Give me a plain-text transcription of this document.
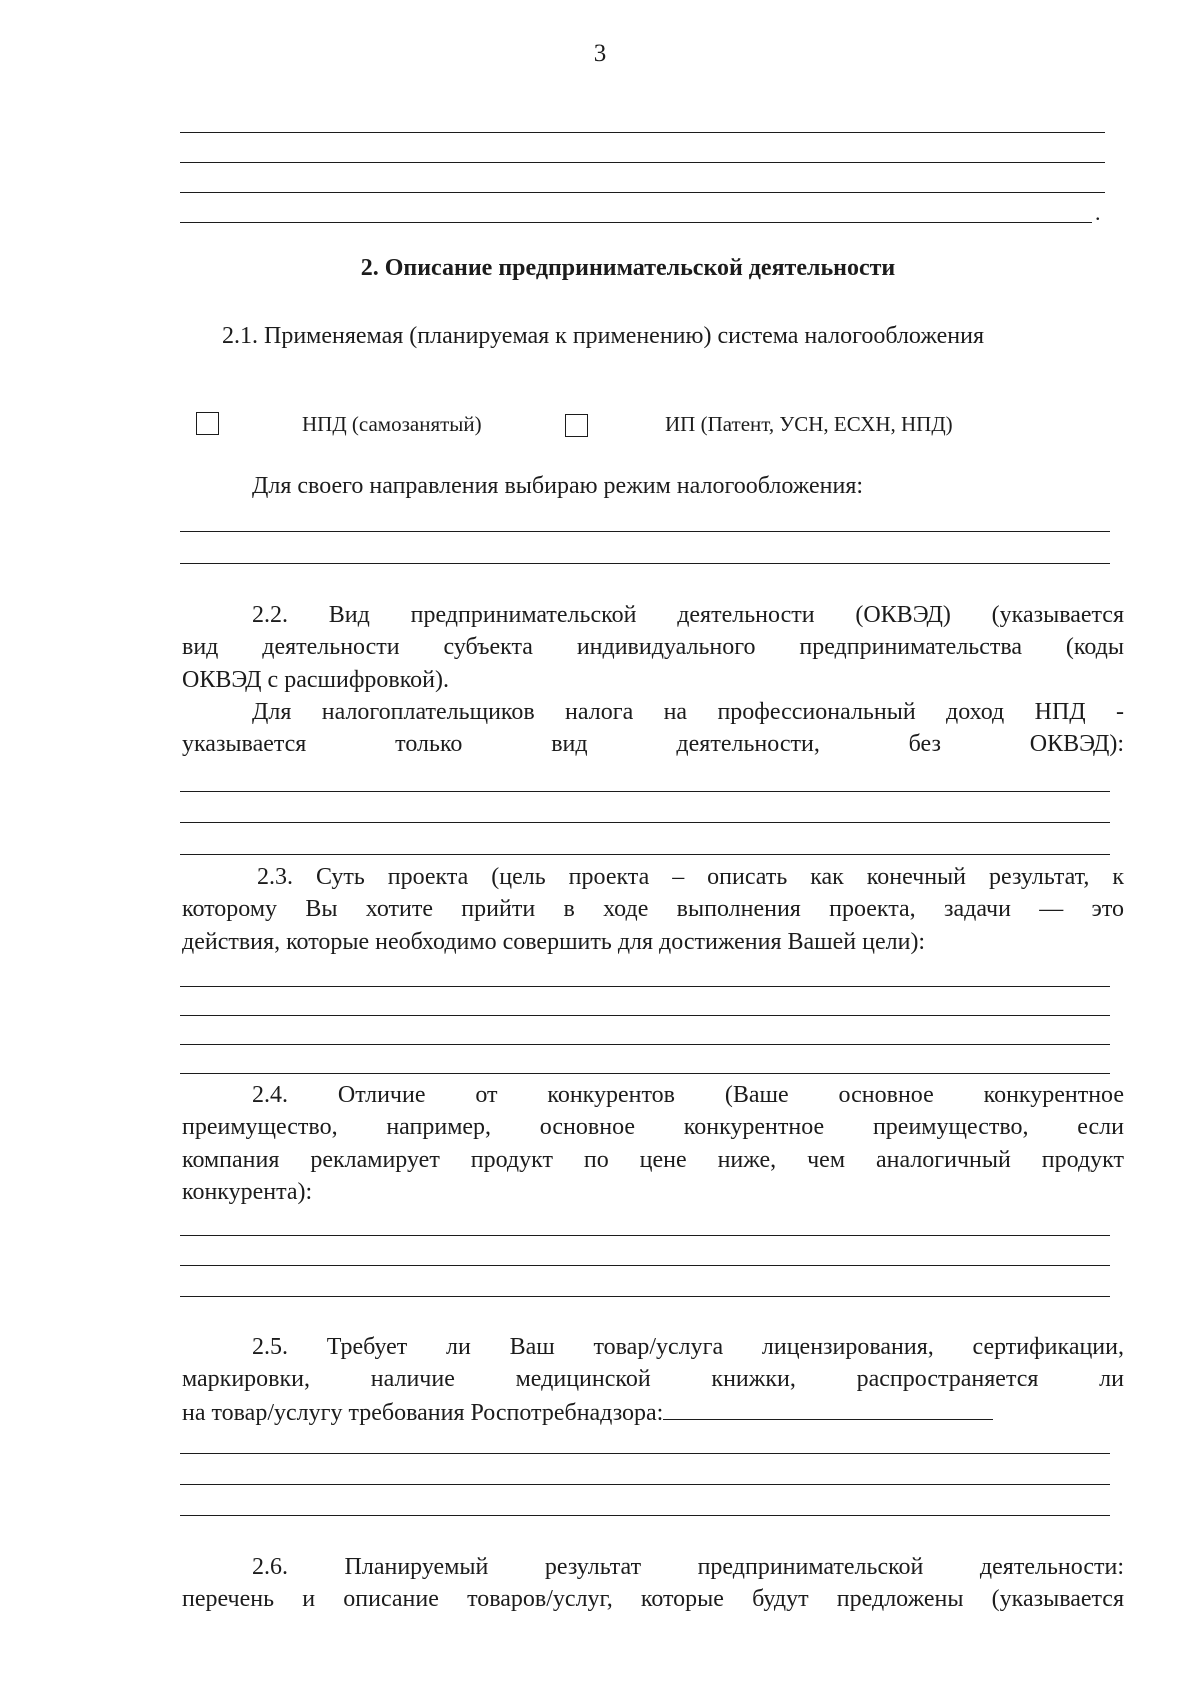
3
.
2. Описание предпринимательской деятельности
2.1. Применяемая (планируемая к применению) система налогообложения
НПД (самозанятый)	ИП (Патент, УСН, ЕСХН, НПД)
Для своего направления выбираю режим налогообложения:
2.2. Вид предпринимательской деятельности (ОКВЭД) (указывается
вид деятельности субъекта индивидуального предпринимательства (коды
ОКВЭД с расшифровкой).
Для налогоплательщиков налога на профессиональный доход НПД -
указывается только вид деятельности, без ОКВЭД):
2.3. Суть проекта (цель проекта – описать как конечный результат, к
которому Вы хотите прийти в ходе выполнения проекта, задачи — это
действия, которые необходимо совершить для достижения Вашей цели):
2.4. Отличие от конкурентов (Ваше основное конкурентное
преимущество, например, основное конкурентное преимущество, если
компания рекламирует продукт по цене ниже, чем аналогичный продукт
конкурента):
2.5. Требует ли Ваш товар/услуга лицензирования, сертификации,
маркировки, наличие медицинской книжки, распространяется ли
на товар/услугу требования Роспотребнадзора:
2.6. Планируемый результат предпринимательской деятельности:
перечень и описание товаров/услуг, которые будут предложены (указывается
